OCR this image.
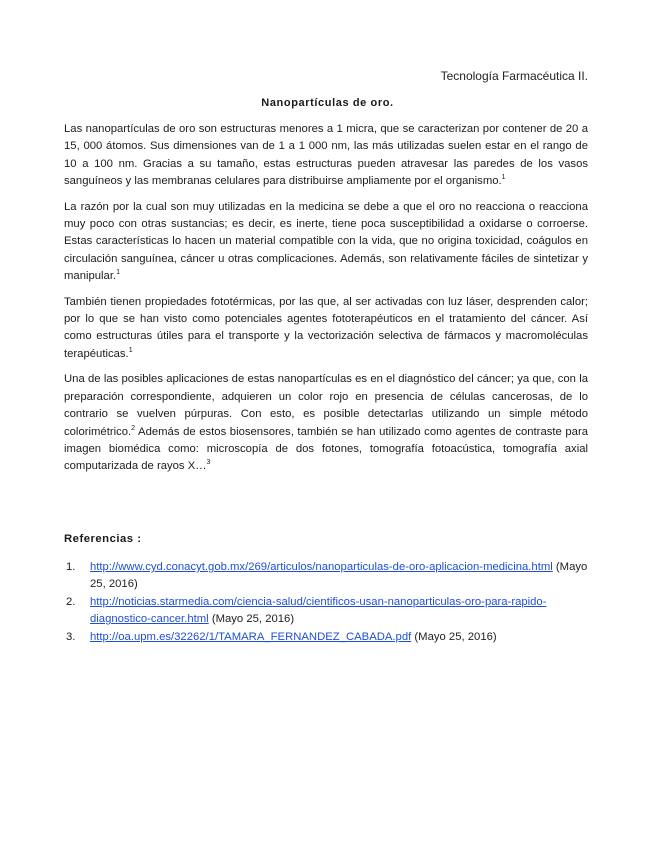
Tecnología Farmacéutica II.
Nanopartículas de oro.

Las nanopartículas de oro son estructuras menores a 1 micra, que se caracterizan por contener de 20 a 15, 000 átomos. Sus dimensiones van de 1 a 1 000 nm, las más utilizadas suelen estar en el rango de 10 a 100 nm. Gracias a su tamaño, estas estructuras pueden atravesar las paredes de los vasos sanguíneos y las membranas celulares para distribuirse ampliamente por el organismo.$^1$

La razón por la cual son muy utilizadas en la medicina se debe a que el oro no reacciona o reacciona muy poco con otras sustancias; es decir, es inerte, tiene poca susceptibilidad a oxidarse o corroerse. Estas características lo hacen un material compatible con la vida, que no origina toxicidad, coágulos en circulación sanguínea, cáncer u otras complicaciones. Además, son relativamente fáciles de sintetizar y manipular.$^1$

También tienen propiedades fototérmicas, por las que, al ser activadas con luz láser, desprenden calor; por lo que se han visto como potenciales agentes fototerapéuticos en el tratamiento del cáncer. Así como estructuras útiles para el transporte y la vectorización selectiva de fármacos y macromoléculas terapéuticas.$^1$

Una de las posibles aplicaciones de estas nanopartículas es en el diagnóstico del cáncer; ya que, con la preparación correspondiente, adquieren un color rojo en presencia de células cancerosas, de lo contrario se vuelven púrpuras. Con esto, es posible detectarlas utilizando un simple método colorimétrico.$^2$ Además de estos biosensores, también se han utilizado como agentes de contraste para imagen biomédica como: microscopía de dos fotones, tomografía fotoacústica, tomografía axial computarizada de rayos X…$^3$

Referencias :
1. http://www.cyd.conacyt.gob.mx/269/articulos/nanoparticulas-de-oro-aplicacion-medicina.html (Mayo 25, 2016)
2. http://noticias.starmedia.com/ciencia-salud/cientificos-usan-nanoparticulas-oro-para-rapido-diagnostico-cancer.html (Mayo 25, 2016)
3. http://oa.upm.es/32262/1/TAMARA_FERNANDEZ_CABADA.pdf (Mayo 25, 2016)
